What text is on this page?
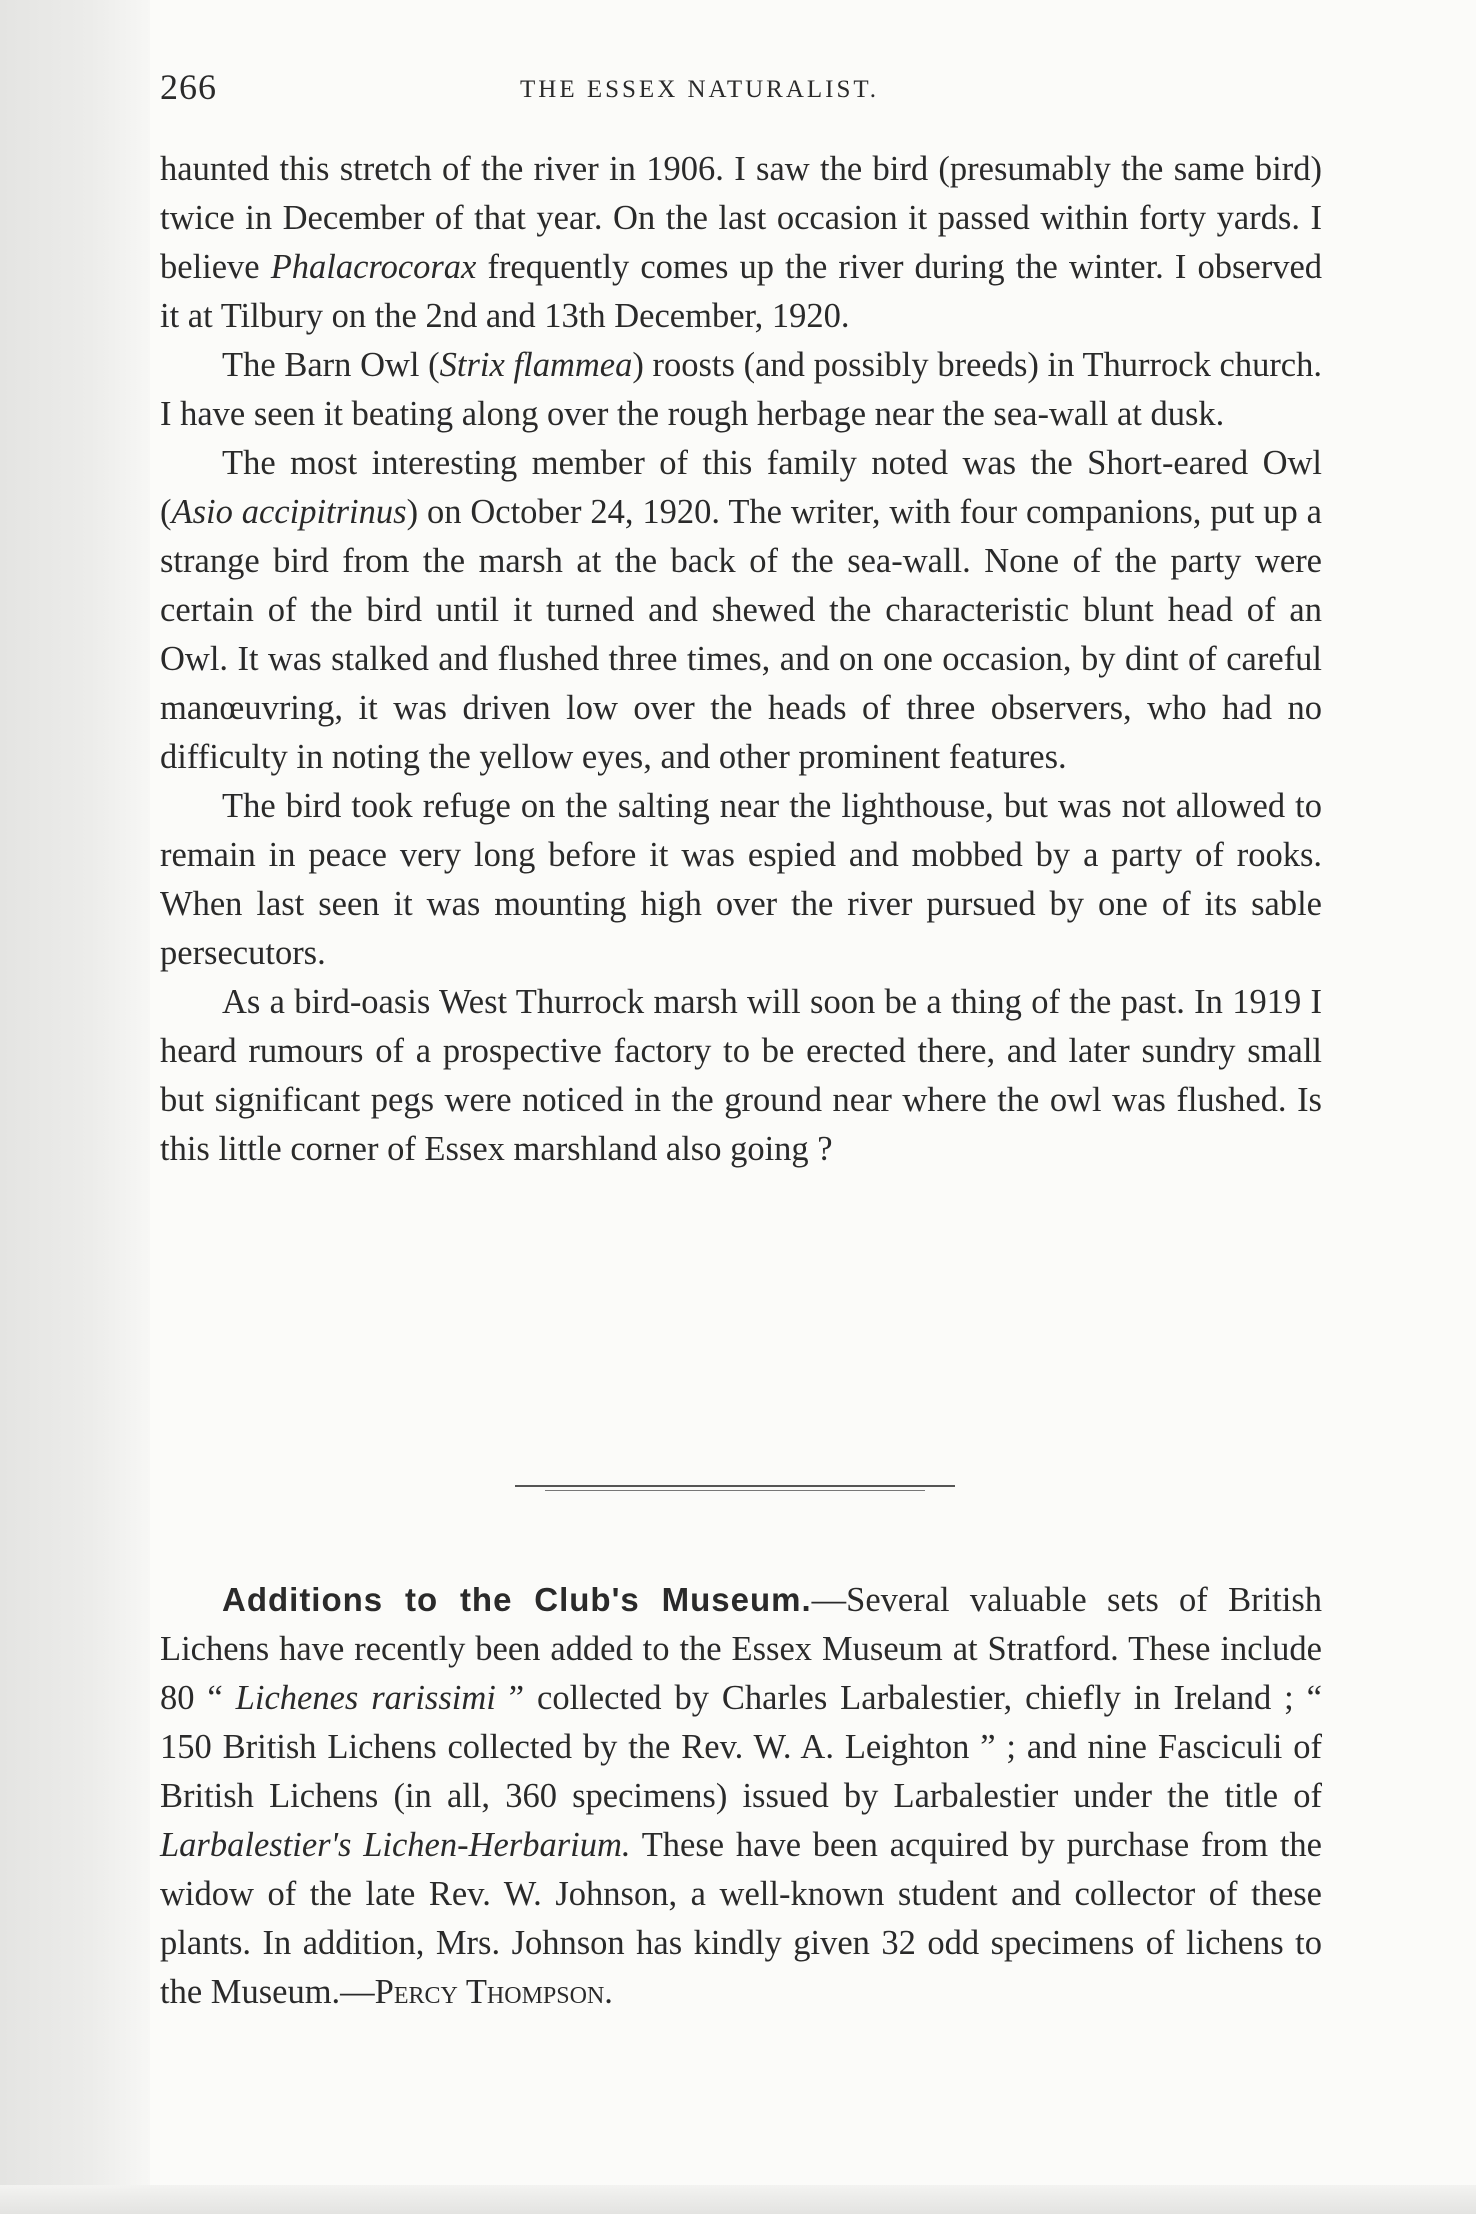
266	THE ESSEX NATURALIST.

haunted this stretch of the river in 1906. I saw the bird (presumably the same bird) twice in December of that year. On the last occasion it passed within forty yards. I believe Phalacrocorax frequently comes up the river during the winter. I observed it at Tilbury on the 2nd and 13th December, 1920.

The Barn Owl (Strix flammea) roosts (and possibly breeds) in Thurrock church. I have seen it beating along over the rough herbage near the sea-wall at dusk.

The most interesting member of this family noted was the Short-eared Owl (Asio accipitrinus) on October 24, 1920. The writer, with four companions, put up a strange bird from the marsh at the back of the sea-wall. None of the party were certain of the bird until it turned and shewed the characteristic blunt head of an Owl. It was stalked and flushed three times, and on one occasion, by dint of careful manœuvring, it was driven low over the heads of three observers, who had no difficulty in noting the yellow eyes, and other prominent features.

The bird took refuge on the salting near the lighthouse, but was not allowed to remain in peace very long before it was espied and mobbed by a party of rooks. When last seen it was mounting high over the river pursued by one of its sable persecutors.

As a bird-oasis West Thurrock marsh will soon be a thing of the past. In 1919 I heard rumours of a prospective factory to be erected there, and later sundry small but significant pegs were noticed in the ground near where the owl was flushed. Is this little corner of Essex marshland also going ?

Additions to the Club's Museum.—Several valuable sets of British Lichens have recently been added to the Essex Museum at Stratford. These include 80 “ Lichenes rarissimi ” collected by Charles Larbalestier, chiefly in Ireland ; “ 150 British Lichens collected by the Rev. W. A. Leighton ” ; and nine Fasciculi of British Lichens (in all, 360 specimens) issued by Larbalestier under the title of Larbalestier's Lichen-Herbarium. These have been acquired by purchase from the widow of the late Rev. W. Johnson, a well-known student and collector of these plants. In addition, Mrs. Johnson has kindly given 32 odd specimens of lichens to the Museum.—Percy Thompson.
